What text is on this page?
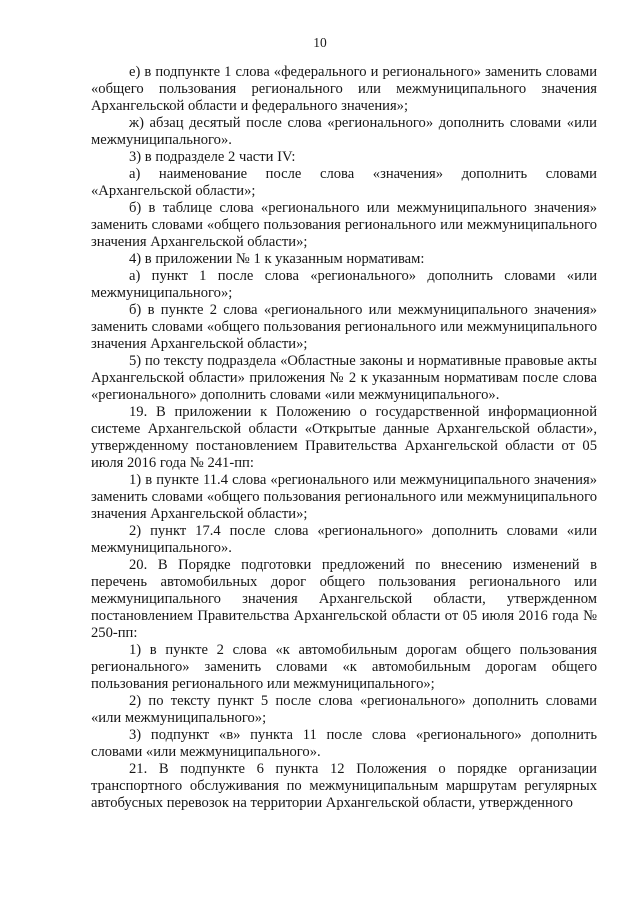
10

е) в подпункте 1 слова «федерального и регионального» заменить словами «общего пользования регионального или межмуниципального значения Архангельской области и федерального значения»;

ж) абзац десятый после слова «регионального» дополнить словами «или межмуниципального».

3) в подразделе 2 части IV:

а) наименование после слова «значения» дополнить словами «Архангельской области»;

б) в таблице слова «регионального или межмуниципального значения» заменить словами «общего пользования регионального или межмуниципального значения Архангельской области»;

4) в приложении № 1 к указанным нормативам:

а) пункт 1 после слова «регионального» дополнить словами «или межмуниципального»;

б) в пункте 2 слова «регионального или межмуниципального значения» заменить словами «общего пользования регионального или межмуниципального значения Архангельской области»;

5) по тексту подраздела «Областные законы и нормативные правовые акты Архангельской области» приложения № 2 к указанным нормативам после слова «регионального» дополнить словами «или межмуниципального».

19. В приложении к Положению о государственной информационной системе Архангельской области «Открытые данные Архангельской области», утвержденному постановлением Правительства Архангельской области от 05 июля 2016 года № 241-пп:

1) в пункте 11.4 слова «регионального или межмуниципального значения» заменить словами «общего пользования регионального или межмуниципального значения Архангельской области»;

2) пункт 17.4 после слова «регионального» дополнить словами «или межмуниципального».

20. В Порядке подготовки предложений по внесению изменений в перечень автомобильных дорог общего пользования регионального или межмуниципального значения Архангельской области, утвержденном постановлением Правительства Архангельской области от 05 июля 2016 года № 250-пп:

1) в пункте 2 слова «к автомобильным дорогам общего пользования регионального» заменить словами «к автомобильным дорогам общего пользования регионального или межмуниципального»;

2) по тексту пункт 5 после слова «регионального» дополнить словами «или межмуниципального»;

3) подпункт «в» пункта 11 после слова «регионального» дополнить словами «или межмуниципального».

21. В подпункте 6 пункта 12 Положения о порядке организации транспортного обслуживания по межмуниципальным маршрутам регулярных автобусных перевозок на территории Архангельской области, утвержденного
